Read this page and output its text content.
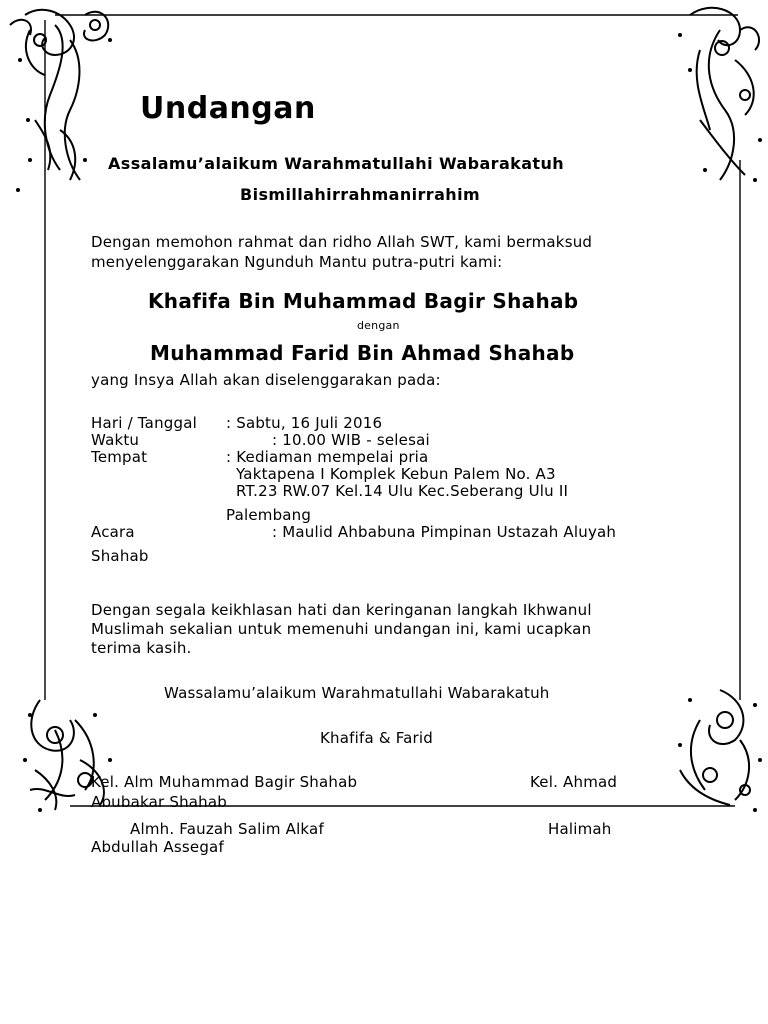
Undangan
Assalamu’alaikum Warahmatullahi Wabarakatuh
Bismillahirrahmanirrahim
Dengan memohon rahmat dan ridho Allah SWT, kami bermaksud
menyelenggarakan Ngunduh Mantu putra-putri kami:
Khafifa Bin Muhammad Bagir Shahab
dengan
Muhammad Farid Bin Ahmad Shahab
yang Insya Allah akan diselenggarakan pada:
Hari / Tanggal : Sabtu, 16 Juli 2016
Waktu	: 10.00 WIB - selesai
Tempat	: Kediaman mempelai pria
Yaktapena I Komplek Kebun Palem No. A3
RT.23 RW.07 Kel.14 Ulu Kec.Seberang Ulu II
Palembang
Acara	: Maulid Ahbabuna Pimpinan Ustazah Aluyah
Shahab
Dengan segala keikhlasan hati dan keringanan langkah Ikhwanul
Muslimah sekalian untuk memenuhi undangan ini, kami ucapkan
terima kasih.
Wassalamu’alaikum Warahmatullahi Wabarakatuh
Khafifa & Farid
Kel. Alm Muhammad Bagir Shahab	Kel. Ahmad
Abubakar Shahab
Almh. Fauzah Salim Alkaf	Halimah
Abdullah Assegaf
